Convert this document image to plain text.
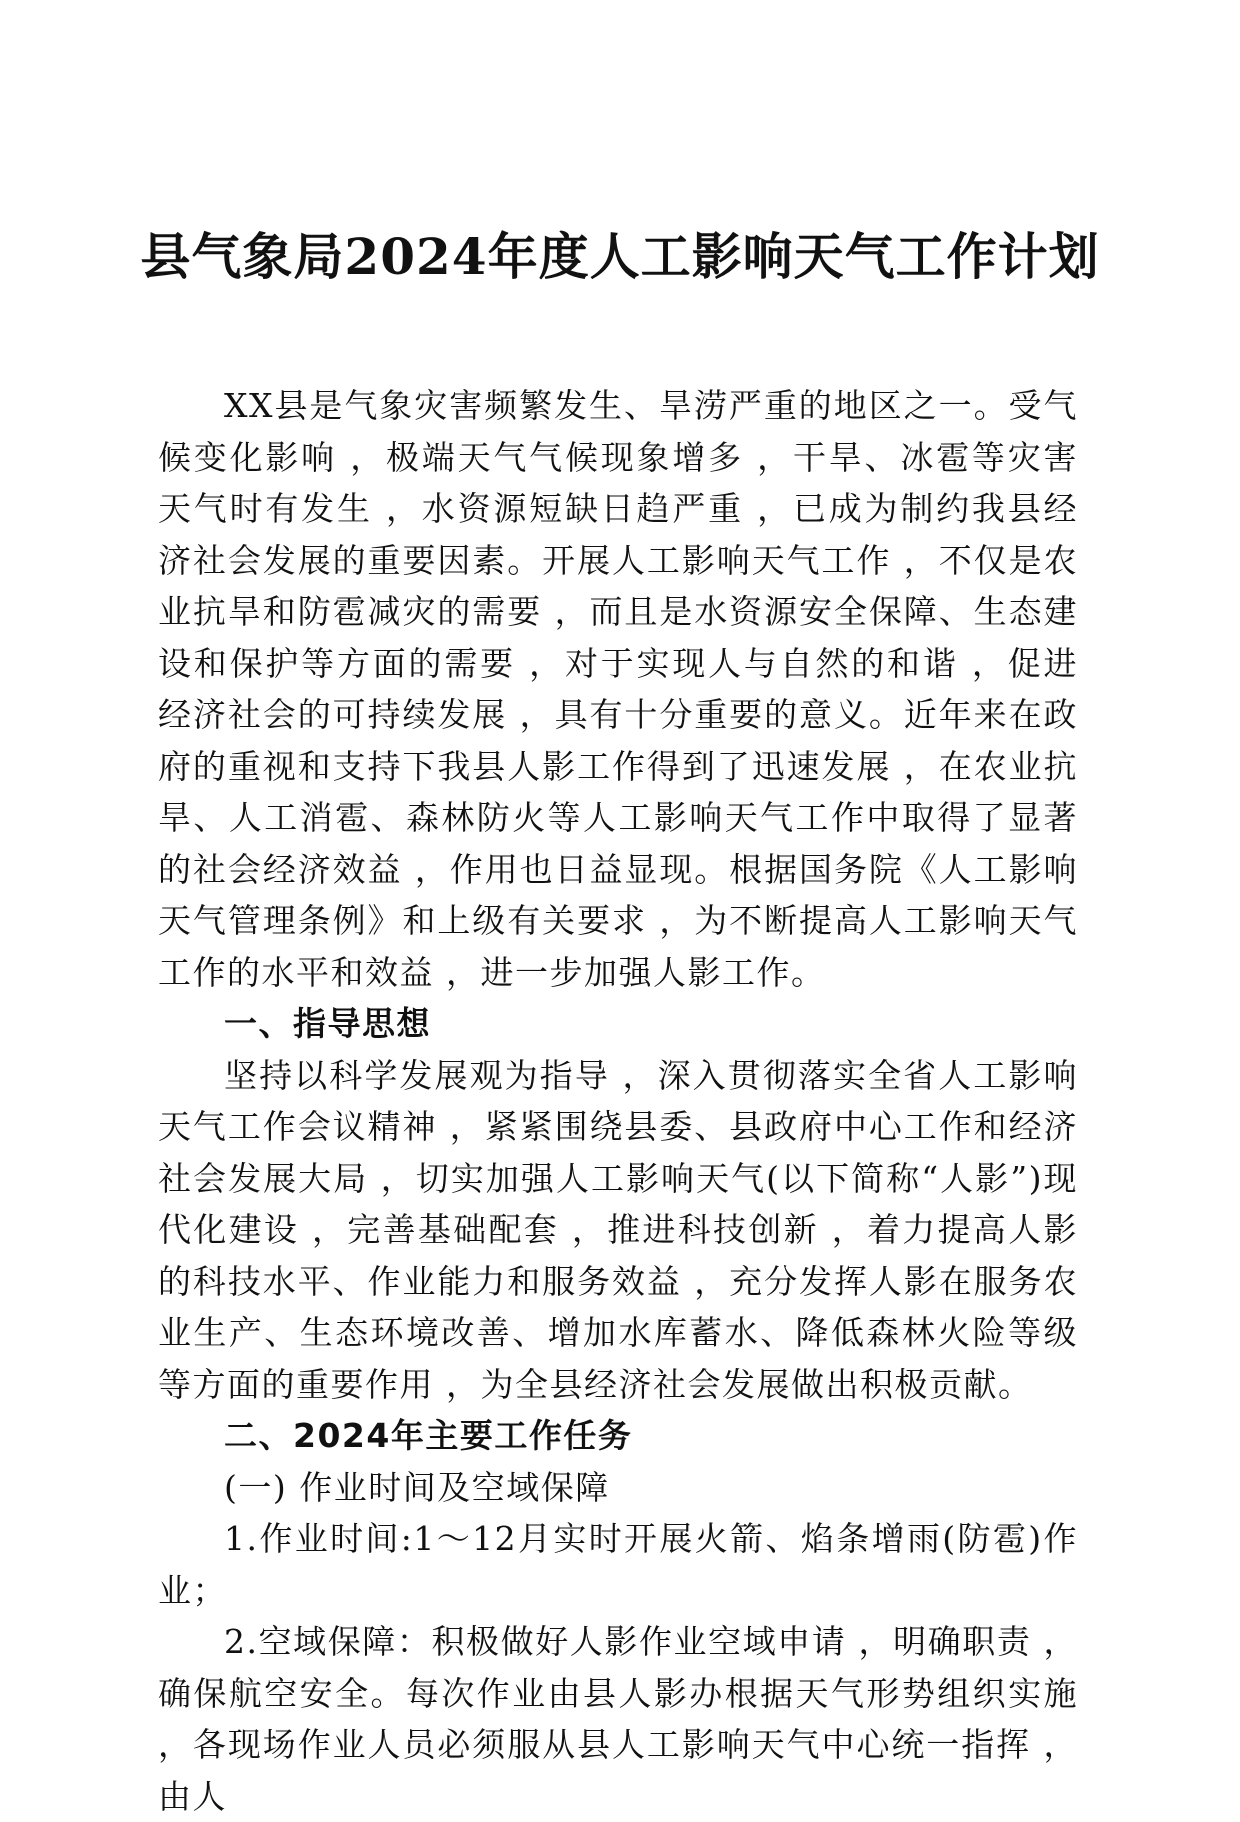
县气象局2024年度人工影响天气工作计划

XX县是气象灾害频繁发生、旱涝严重的地区之一。受气候变化影响 ，极端天气气候现象增多 ，干旱、冰雹等灾害天气时有发生 ，水资源短缺日趋严重 ，已成为制约我县经济社会发展的重要因素。开展人工影响天气工作 ，不仅是农业抗旱和防雹减灾的需要 ，而且是水资源安全保障、生态建设和保护等方面的需要 ，对于实现人与自然的和谐 ，促进经济社会的可持续发展 ，具有十分重要的意义。近年来在政府的重视和支持下我县人影工作得到了迅速发展 ，在农业抗旱、人工消雹、森林防火等人工影响天气工作中取得了显著的社会经济效益 ，作用也日益显现。根据国务院《人工影响天气管理条例》和上级有关要求 ，为不断提高人工影响天气工作的水平和效益 ，进一步加强人影工作。

一、指导思想

坚持以科学发展观为指导 ，深入贯彻落实全省人工影响天气工作会议精神 ，紧紧围绕县委、县政府中心工作和经济社会发展大局 ，切实加强人工影响天气(以下简称“人影”)现代化建设 ，完善基础配套 ，推进科技创新 ，着力提高人影的科技水平、作业能力和服务效益 ，充分发挥人影在服务农业生产、生态环境改善、增加水库蓄水、降低森林火险等级等方面的重要作用 ，为全县经济社会发展做出积极贡献。

二、2024年主要工作任务

(一) 作业时间及空域保障

1.作业时间:1～12月实时开展火箭、焰条增雨(防雹)作业；

2.空域保障：积极做好人影作业空域申请 ，明确职责 ，确保航空安全。每次作业由县人影办根据天气形势组织实施 ，各现场作业人员必须服从县人工影响天气中心统一指挥 ，由人
